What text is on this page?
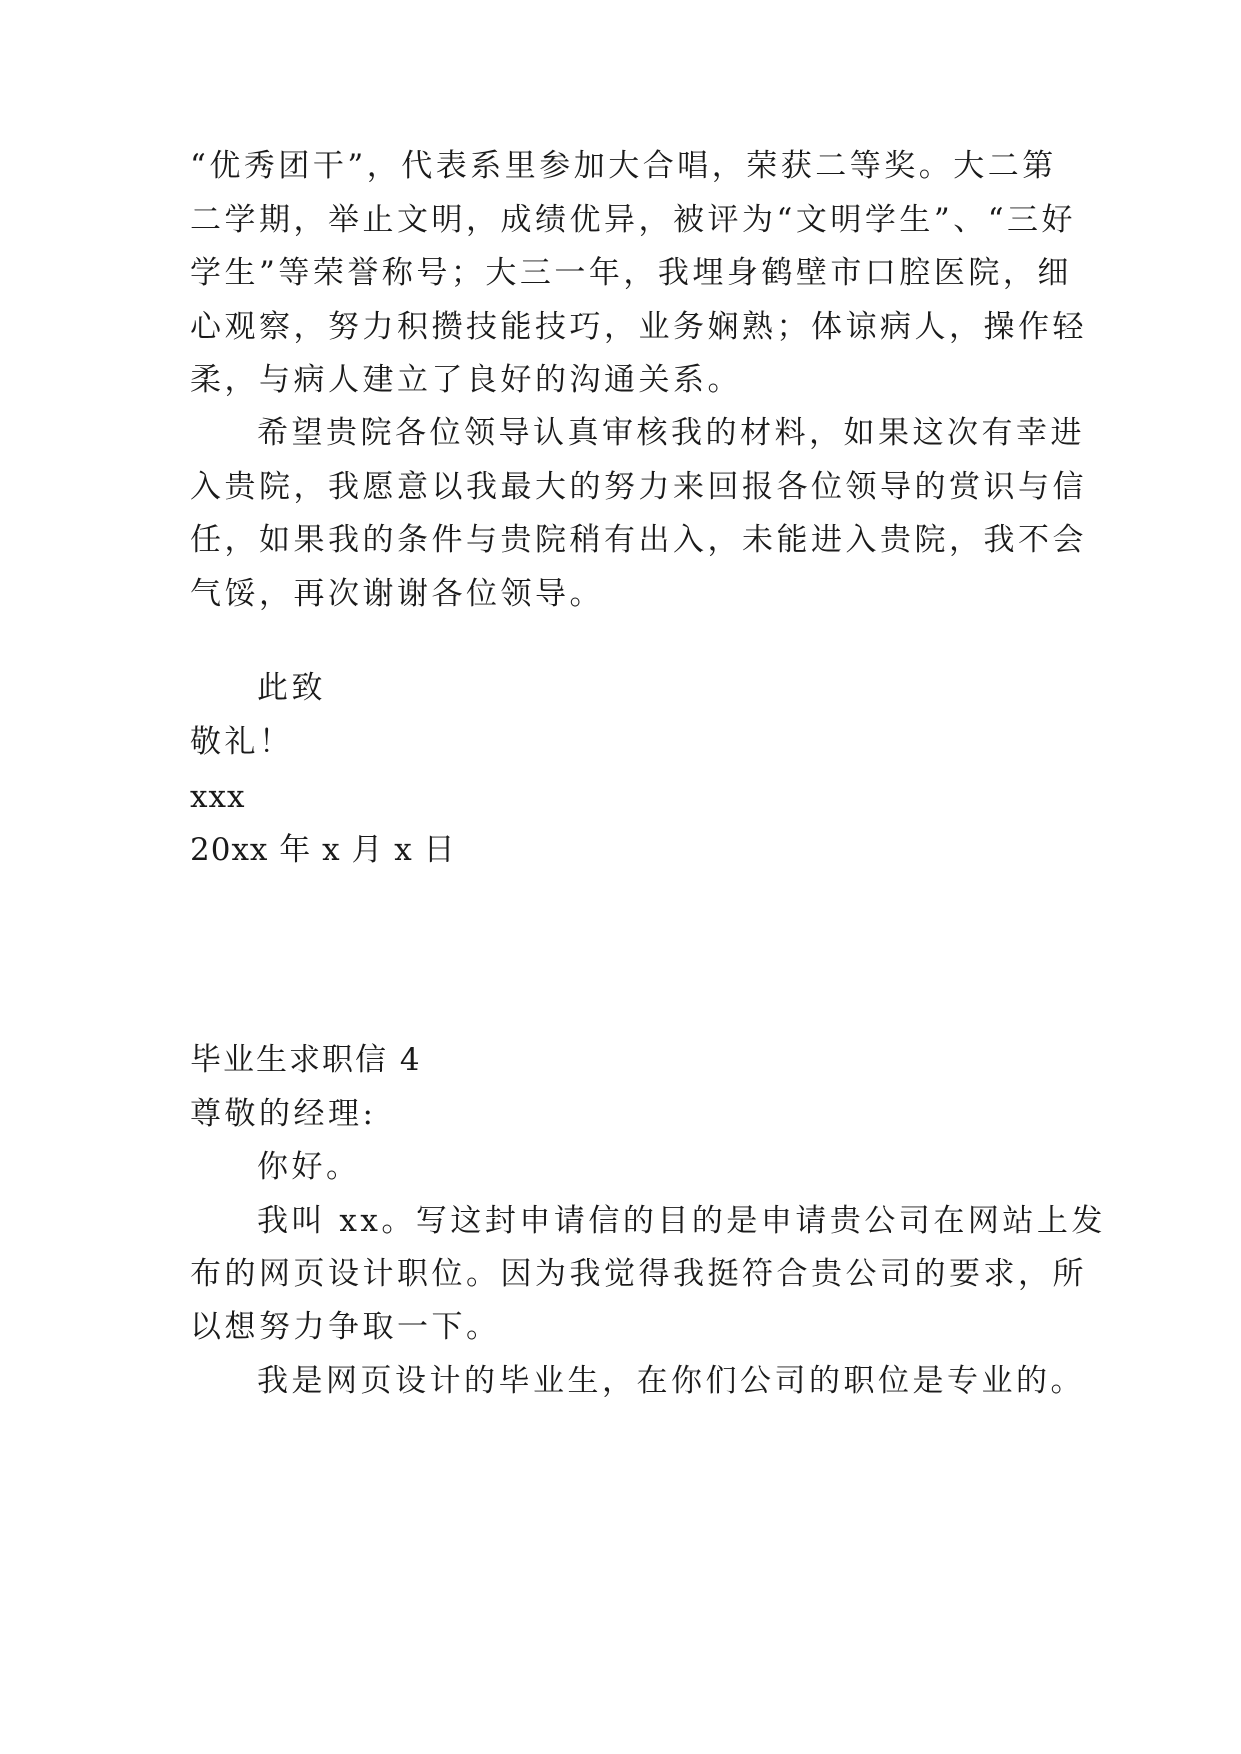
“优秀团干”，代表系里参加大合唱，荣获二等奖。大二第
二学期，举止文明，成绩优异，被评为“文明学生”、“三好
学生”等荣誉称号；大三一年，我埋身鹤壁市口腔医院，细
心观察，努力积攒技能技巧，业务娴熟；体谅病人，操作轻
柔，与病人建立了良好的沟通关系。
希望贵院各位领导认真审核我的材料，如果这次有幸进
入贵院，我愿意以我最大的努力来回报各位领导的赏识与信
任，如果我的条件与贵院稍有出入，未能进入贵院，我不会
气馁，再次谢谢各位领导。
此致
敬礼！
xxx
20xx 年 x 月 x 日
毕业生求职信 4
尊敬的经理:
你好。
我叫 xx。写这封申请信的目的是申请贵公司在网站上发
布的网页设计职位。因为我觉得我挺符合贵公司的要求，所
以想努力争取一下。
我是网页设计的毕业生，在你们公司的职位是专业的。
